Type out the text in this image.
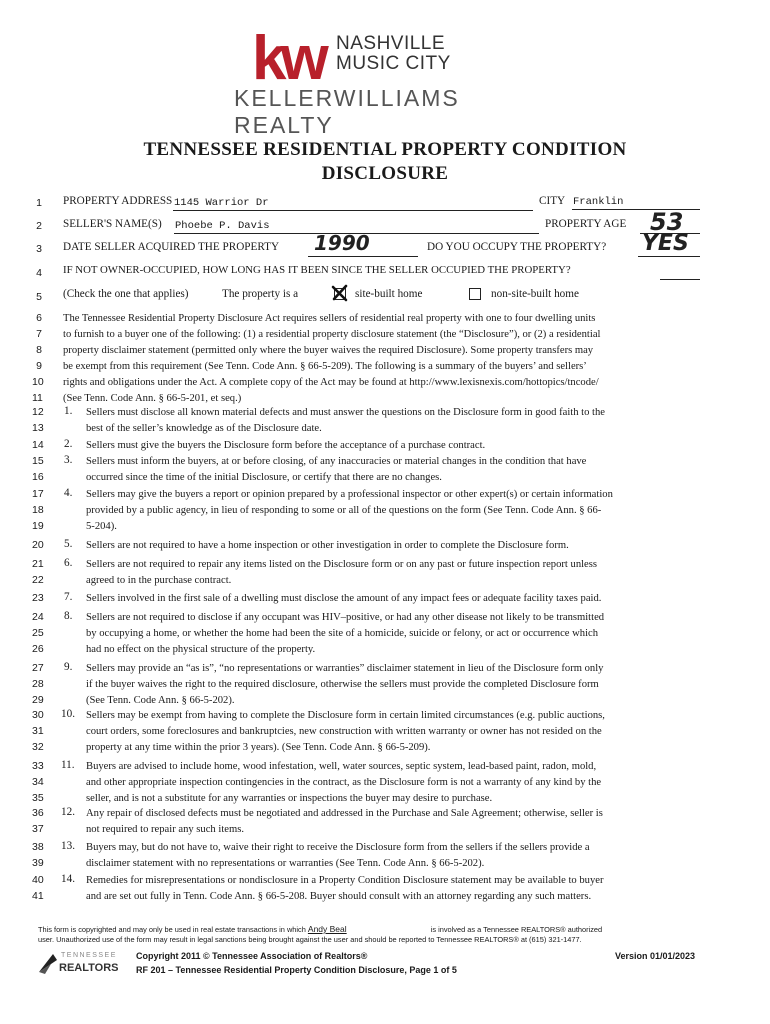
kw NASHVILLE
MUSIC CITY
KELLERWILLIAMS REALTY
TENNESSEE RESIDENTIAL PROPERTY CONDITION
DISCLOSURE
1
2
3
4
5
6
7
8
9
10
11
12
13
14
15
16
17
18
19
20
21
22
23
24
25
26
27
28
29
30
31
32
33
34
35
36
37
38
39
40
41
PROPERTY ADDRESS 1145 Warrior Dr	CITY Franklin
SELLER'S NAME(S) Phoebe P. Davis	PROPERTY AGE 53
DATE SELLER ACQUIRED THE PROPERTY 1990	DO YOU OCCUPY THE PROPERTY? YES
IF NOT OWNER-OCCUPIED, HOW LONG HAS IT BEEN SINCE THE SELLER OCCUPIED THE PROPERTY?
(Check the one that applies)	The property is a	site-built home	non-site-built home
The Tennessee Residential Property Disclosure Act requires sellers of residential real property with one to four dwelling units
to furnish to a buyer one of the following: (1) a residential property disclosure statement (the “Disclosure”), or (2) a residential
property disclaimer statement (permitted only where the buyer waives the required Disclosure). Some property transfers may
be exempt from this requirement (See Tenn. Code Ann. § 66-5-209). The following is a summary of the buyers’ and sellers’
rights and obligations under the Act. A complete copy of the Act may be found at http://www.lexisnexis.com/hottopics/tncode/
(See Tenn. Code Ann. § 66-5-201, et seq.)
1. Sellers must disclose all known material defects and must answer the questions on the Disclosure form in good faith to the
best of the seller’s knowledge as of the Disclosure date.
2. Sellers must give the buyers the Disclosure form before the acceptance of a purchase contract.
3. Sellers must inform the buyers, at or before closing, of any inaccuracies or material changes in the condition that have
occurred since the time of the initial Disclosure, or certify that there are no changes.
4. Sellers may give the buyers a report or opinion prepared by a professional inspector or other expert(s) or certain information
provided by a public agency, in lieu of responding to some or all of the questions on the form (See Tenn. Code Ann. § 66-
5-204).
5. Sellers are not required to have a home inspection or other investigation in order to complete the Disclosure form.
6. Sellers are not required to repair any items listed on the Disclosure form or on any past or future inspection report unless
agreed to in the purchase contract.
7. Sellers involved in the first sale of a dwelling must disclose the amount of any impact fees or adequate facility taxes paid.
8. Sellers are not required to disclose if any occupant was HIV–positive, or had any other disease not likely to be transmitted
by occupying a home, or whether the home had been the site of a homicide, suicide or felony, or act or occurrence which
had no effect on the physical structure of the property.
9. Sellers may provide an “as is”, “no representations or warranties” disclaimer statement in lieu of the Disclosure form only
if the buyer waives the right to the required disclosure, otherwise the sellers must provide the completed Disclosure form
(See Tenn. Code Ann. § 66-5-202).
10. Sellers may be exempt from having to complete the Disclosure form in certain limited circumstances (e.g. public auctions,
court orders, some foreclosures and bankruptcies, new construction with written warranty or owner has not resided on the
property at any time within the prior 3 years). (See Tenn. Code Ann. § 66-5-209).
11. Buyers are advised to include home, wood infestation, well, water sources, septic system, lead-based paint, radon, mold,
and other appropriate inspection contingencies in the contract, as the Disclosure form is not a warranty of any kind by the
seller, and is not a substitute for any warranties or inspections the buyer may desire to purchase.
12. Any repair of disclosed defects must be negotiated and addressed in the Purchase and Sale Agreement; otherwise, seller is
not required to repair any such items.
13. Buyers may, but do not have to, waive their right to receive the Disclosure form from the sellers if the sellers provide a
disclaimer statement with no representations or warranties (See Tenn. Code Ann. § 66-5-202).
14. Remedies for misrepresentations or nondisclosure in a Property Condition Disclosure statement may be available to buyer
and are set out fully in Tenn. Code Ann. § 66-5-208. Buyer should consult with an attorney regarding any such matters.
This form is copyrighted and may only be used in real estate transactions in which Andy Beal	is involved as a Tennessee REALTORS® authorized
user. Unauthorized use of the form may result in legal sanctions being brought against the user and should be reported to Tennessee REALTORS® at (615) 321-1477.
TENNESSEE
REALTORS
Copyright 2011 © Tennessee Association of Realtors®
RF 201 – Tennessee Residential Property Condition Disclosure, Page 1 of 5
Version 01/01/2023
